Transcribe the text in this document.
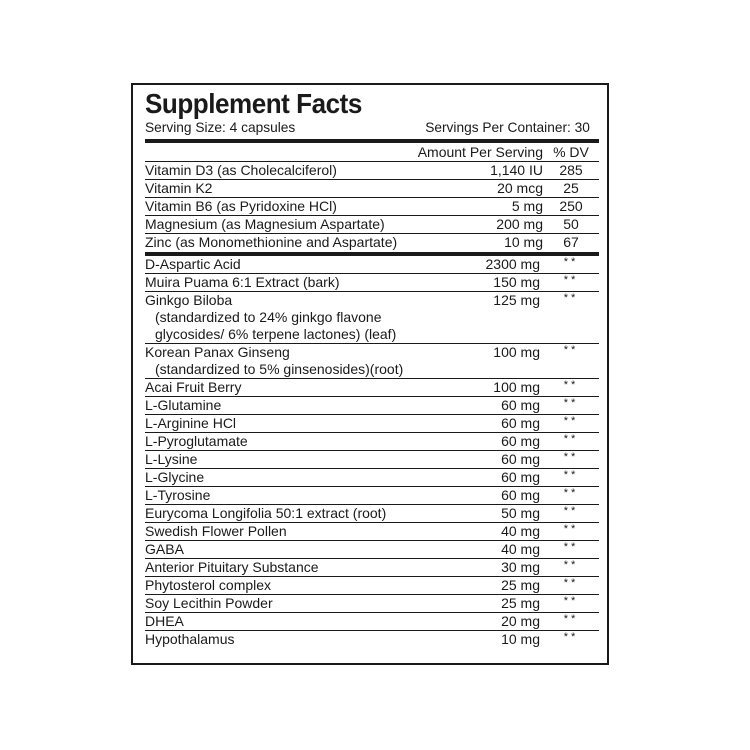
Supplement Facts
Serving Size: 4 capsules	Servings Per Container: 30
Amount Per Serving % DV
Vitamin D3 (as Cholecalciferol)	1,140 IU	285
Vitamin K2	20 mcg	25
Vitamin B6 (as Pyridoxine HCl)	5 mg	250
Magnesium (as Magnesium Aspartate)	200 mg	50
Zinc (as Monomethionine and Aspartate)	10 mg	67
D-Aspartic Acid	2300 mg	**
Muira Puama 6:1 Extract (bark)	150 mg	**
Ginkgo Biloba
(standardized to 24% ginkgo flavone
glycosides/ 6% terpene lactones) (leaf)
125 mg	**
Korean Panax Ginseng
(standardized to 5% ginsenosides)(root)
100 mg	**
Acai Fruit Berry	100 mg	**
L-Glutamine	60 mg	**
L-Arginine HCl	60 mg	**
L-Pyroglutamate	60 mg	**
L-Lysine	60 mg	**
L-Glycine	60 mg	**
L-Tyrosine	60 mg	**
Eurycoma Longifolia 50:1 extract (root)	50 mg	**
Swedish Flower Pollen	40 mg	**
GABA	40 mg	**
Anterior Pituitary Substance	30 mg	**
Phytosterol complex	25 mg	**
Soy Lecithin Powder	25 mg	**
DHEA	20 mg	**
Hypothalamus	10 mg	**
